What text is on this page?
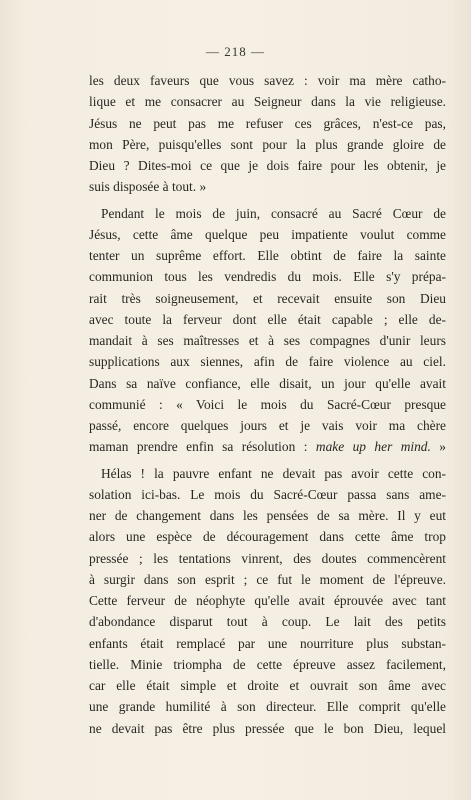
— 218 —
les deux faveurs que vous savez : voir ma mère catho-
lique et me consacrer au Seigneur dans la vie religieuse.
Jésus ne peut pas me refuser ces grâces, n'est-ce pas,
mon Père, puisqu'elles sont pour la plus grande gloire de
Dieu ? Dites-moi ce que je dois faire pour les obtenir, je
suis disposée à tout. »
Pendant le mois de juin, consacré au Sacré Cœur de
Jésus, cette âme quelque peu impatiente voulut comme
tenter un suprême effort. Elle obtint de faire la sainte
communion tous les vendredis du mois. Elle s'y prépa-
rait très soigneusement, et recevait ensuite son Dieu
avec toute la ferveur dont elle était capable ; elle de-
mandait à ses maîtresses et à ses compagnes d'unir leurs
supplications aux siennes, afin de faire violence au ciel.
Dans sa naïve confiance, elle disait, un jour qu'elle avait
communié : « Voici le mois du Sacré-Cœur presque
passé, encore quelques jours et je vais voir ma chère
maman prendre enfin sa résolution : make up her mind. »
Hélas ! la pauvre enfant ne devait pas avoir cette con-
solation ici-bas. Le mois du Sacré-Cœur passa sans ame-
ner de changement dans les pensées de sa mère. Il y eut
alors une espèce de découragement dans cette âme trop
pressée ; les tentations vinrent, des doutes commencèrent
à surgir dans son esprit ; ce fut le moment de l'épreuve.
Cette ferveur de néophyte qu'elle avait éprouvée avec tant
d'abondance disparut tout à coup. Le lait des petits
enfants était remplacé par une nourriture plus substan-
tielle. Minie triompha de cette épreuve assez facilement,
car elle était simple et droite et ouvrait son âme avec
une grande humilité à son directeur. Elle comprit qu'elle
ne devait pas être plus pressée que le bon Dieu, lequel
